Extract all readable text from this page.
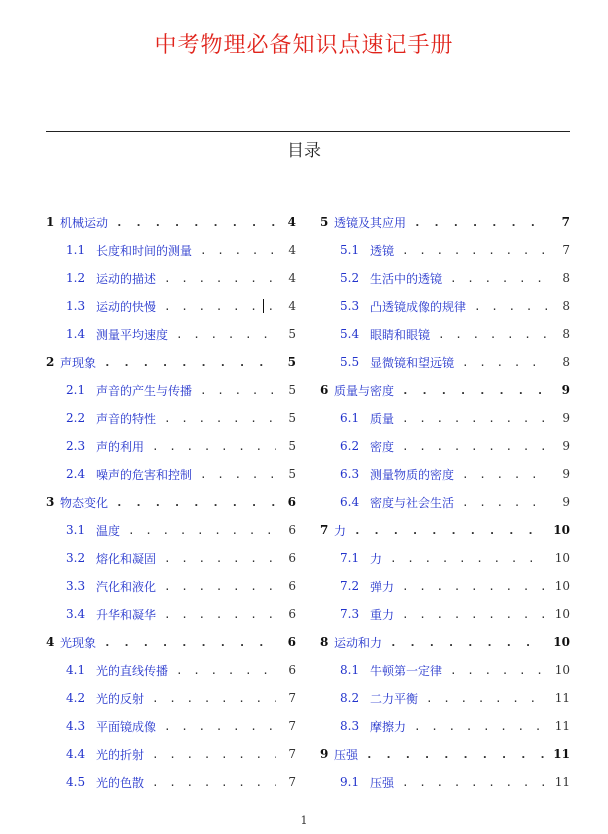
中考物理必备知识点速记手册
目录
1 机械运动 . . .	4
1.1 长度和时间的测量 . . .	4
1.2 运动的描述 . . .	4
1.3 运动的快慢 . . .	4
1.4 测量平均速度 . . .	5
2 声现象 . . .	5
2.1 声音的产生与传播 . . .	5
2.2 声音的特性 . . .	5
2.3 声的利用 . . .	5
2.4 噪声的危害和控制 . . .	5
3 物态变化 . . .	6
3.1 温度 . . .	6
3.2 熔化和凝固 . . .	6
3.3 汽化和液化 . . .	6
3.4 升华和凝华 . . .	6
4 光现象 . . .	6
4.1 光的直线传播 . . .	6
4.2 光的反射 . . .	7
4.3 平面镜成像 . . .	7
4.4 光的折射 . . .	7
4.5 光的色散 . . .	7
5 透镜及其应用 . . .	7
5.1 透镜 . . .	7
5.2 生活中的透镜 . . .	8
5.3 凸透镜成像的规律 . . .	8
5.4 眼睛和眼镜 . . .	8
5.5 显微镜和望远镜 . . .	8
6 质量与密度 . . .	9
6.1 质量 . . .	9
6.2 密度 . . .	9
6.3 测量物质的密度 . . .	9
6.4 密度与社会生活 . . .	9
7 力 . . .	10
7.1 力 . . .	10
7.2 弹力 . . .	10
7.3 重力 . . .	10
8 运动和力 . . .	10
8.1 牛顿第一定律 . . .	10
8.2 二力平衡 . . .	11
8.3 摩擦力 . . .	11
9 压强 . . .	11
9.1 压强 . . .	11
1
